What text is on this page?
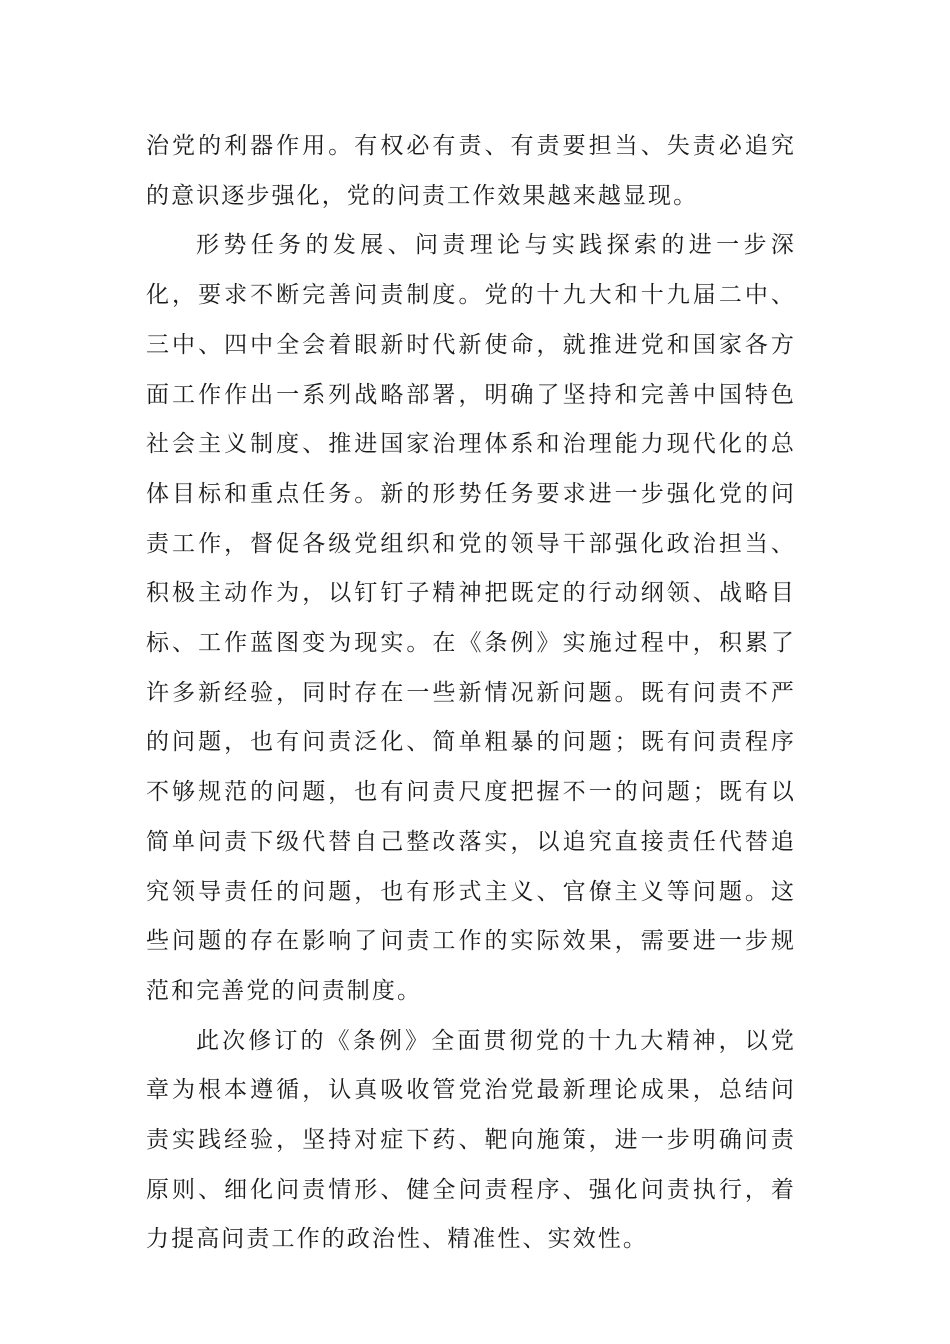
治党的利器作用。有权必有责、有责要担当、失责必追究的意识逐步强化，党的问责工作效果越来越显现。

形势任务的发展、问责理论与实践探索的进一步深化，要求不断完善问责制度。党的十九大和十九届二中、三中、四中全会着眼新时代新使命，就推进党和国家各方面工作作出一系列战略部署，明确了坚持和完善中国特色社会主义制度、推进国家治理体系和治理能力现代化的总体目标和重点任务。新的形势任务要求进一步强化党的问责工作，督促各级党组织和党的领导干部强化政治担当、积极主动作为，以钉钉子精神把既定的行动纲领、战略目标、工作蓝图变为现实。在《条例》实施过程中，积累了许多新经验，同时存在一些新情况新问题。既有问责不严的问题，也有问责泛化、简单粗暴的问题；既有问责程序不够规范的问题，也有问责尺度把握不一的问题；既有以简单问责下级代替自己整改落实，以追究直接责任代替追究领导责任的问题，也有形式主义、官僚主义等问题。这些问题的存在影响了问责工作的实际效果，需要进一步规范和完善党的问责制度。

此次修订的《条例》全面贯彻党的十九大精神，以党章为根本遵循，认真吸收管党治党最新理论成果，总结问责实践经验，坚持对症下药、靶向施策，进一步明确问责原则、细化问责情形、健全问责程序、强化问责执行，着力提高问责工作的政治性、精准性、实效性。
